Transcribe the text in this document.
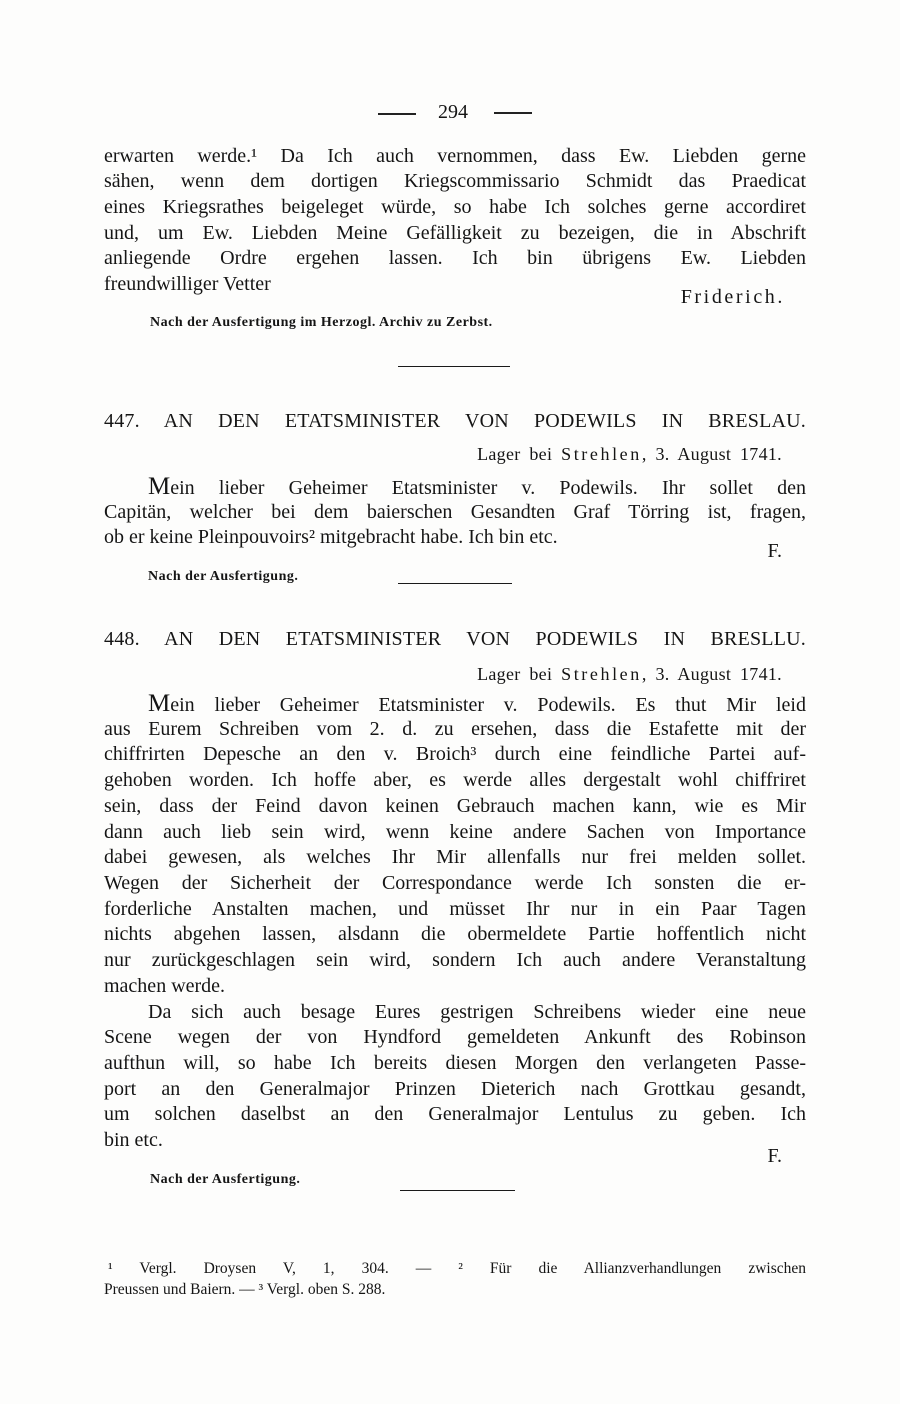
294
erwarten werde.¹ Da Ich auch vernommen, dass Ew. Liebden gerne
sähen, wenn dem dortigen Kriegscommissario Schmidt das Praedicat
eines Kriegsrathes beigeleget würde, so habe Ich solches gerne accordiret
und, um Ew. Liebden Meine Gefälligkeit zu bezeigen, die in Abschrift
anliegende Ordre ergehen lassen. Ich bin übrigens Ew. Liebden
freundwilliger Vetter
Friderich.
Nach der Ausfertigung im Herzogl. Archiv zu Zerbst.
447. AN DEN ETATSMINISTER VON PODEWILS IN BRESLAU.
Lager bei Strehlen, 3. August 1741.
Mein lieber Geheimer Etatsminister v. Podewils. Ihr sollet den
Capitän, welcher bei dem baierschen Gesandten Graf Törring ist, fragen,
ob er keine Pleinpouvoirs² mitgebracht habe. Ich bin etc.
F.
Nach der Ausfertigung.
448. AN DEN ETATSMINISTER VON PODEWILS IN BRESLLU.
Lager bei Strehlen, 3. August 1741.
Mein lieber Geheimer Etatsminister v. Podewils. Es thut Mir leid
aus Eurem Schreiben vom 2. d. zu ersehen, dass die Estafette mit der
chiffrirten Depesche an den v. Broich³ durch eine feindliche Partei auf-
gehoben worden. Ich hoffe aber, es werde alles dergestalt wohl chiffriret
sein, dass der Feind davon keinen Gebrauch machen kann, wie es Mir
dann auch lieb sein wird, wenn keine andere Sachen von Importance
dabei gewesen, als welches Ihr Mir allenfalls nur frei melden sollet.
Wegen der Sicherheit der Correspondance werde Ich sonsten die er-
forderliche Anstalten machen, und müsset Ihr nur in ein Paar Tagen
nichts abgehen lassen, alsdann die obermeldete Partie hoffentlich nicht
nur zurückgeschlagen sein wird, sondern Ich auch andere Veranstaltung
machen werde.
Da sich auch besage Eures gestrigen Schreibens wieder eine neue
Scene wegen der von Hyndford gemeldeten Ankunft des Robinson
aufthun will, so habe Ich bereits diesen Morgen den verlangeten Passe-
port an den Generalmajor Prinzen Dieterich nach Grottkau gesandt,
um solchen daselbst an den Generalmajor Lentulus zu geben. Ich
bin etc.
F.
Nach der Ausfertigung.
¹ Vergl. Droysen V, 1, 304. — ² Für die Allianzverhandlungen zwischen
Preussen und Baiern. — ³ Vergl. oben S. 288.
